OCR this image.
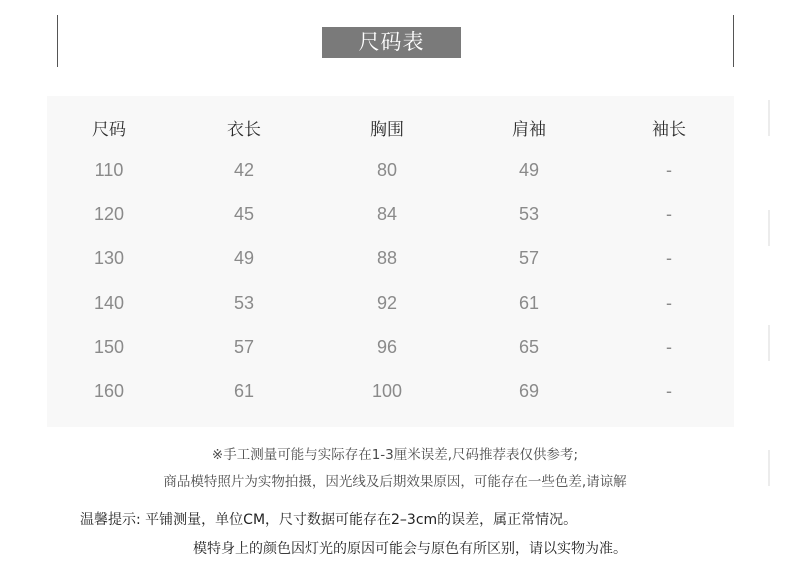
尺码表
尺码	衣长	胸围	肩袖	袖长
110	42	80	49	-
120	45	84	53	-
130	49	88	57	-
140	53	92	61	-
150	57	96	65	-
160	61	100	69	-
※手工测量可能与实际存在1-3厘米误差,尺码推荐表仅供参考;
商品模特照片为实物拍摄，因光线及后期效果原因，可能存在一些色差,请谅解
温馨提示: 平铺测量，单位CM，尺寸数据可能存在2–3cm的误差，属正常情况。
模特身上的颜色因灯光的原因可能会与原色有所区别，请以实物为准。
